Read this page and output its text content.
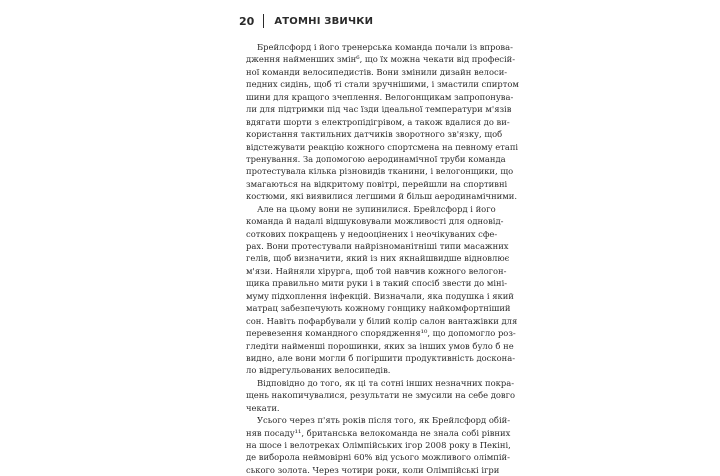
20 АТОМНІ ЗВИЧКИ
Брейлсфорд і його тренерська команда почали із впрова-
дження найменших змін⁶, що їх можна чекати від професій-
ної команди велосипедистів. Вони змінили дизайн велоси-
педних сидінь, щоб ті стали зручнішими, і змастили спиртом
шини для кращого зчеплення. Велогонщикам запропонува-
ли для підтримки під час їзди ідеальної температури м'язів
вдягати шорти з електропідігрівом, а також вдалися до ви-
користання тактильних датчиків зворотного зв'язку, щоб
відстежувати реакцію кожного спортсмена на певному етапі
тренування. За допомогою аеродинамічної труби команда
протестувала кілька різновидів тканини, і велогонщики, що
змагаються на відкритому повітрі, перейшли на спортивні
костюми, які виявилися легшими й більш аеродинамічними.
Але на цьому вони не зупинилися. Брейлсфорд і його
команда й надалі відшуковували можливості для одновід-
соткових покращень у недооцінених і неочікуваних сфе-
рах. Вони протестували найрізноманітніші типи масажних
гелів, щоб визначити, який із них якнайшвидше відновлює
м'язи. Найняли хірурга, щоб той навчив кожного велогон-
щика правильно мити руки і в такий спосіб звести до міні-
муму підхоплення інфекцій. Визначали, яка подушка і який
матрац забезпечують кожному гонщику найкомфортніший
сон. Навіть пофарбували у білий колір салон вантажівки для
перевезення командного спорядження¹⁰, що допомогло роз-
гледіти найменші порошинки, яких за інших умов було б не
видно, але вони могли б погіршити продуктивність доскона-
ло відрегульованих велосипедів.
Відповідно до того, як ці та сотні інших незначних покра-
щень накопичувалися, результати не змусили на себе довго
чекати.
Усього через п'ять років після того, як Брейлсфорд обій-
няв посаду¹¹, британська велокоманда не знала собі рівних
на шосе і велотреках Олімпійських ігор 2008 року в Пекіні,
де виборола неймовірні 60% від усього можливого олімпій-
ського золота. Через чотири роки, коли Олімпійські ігри
